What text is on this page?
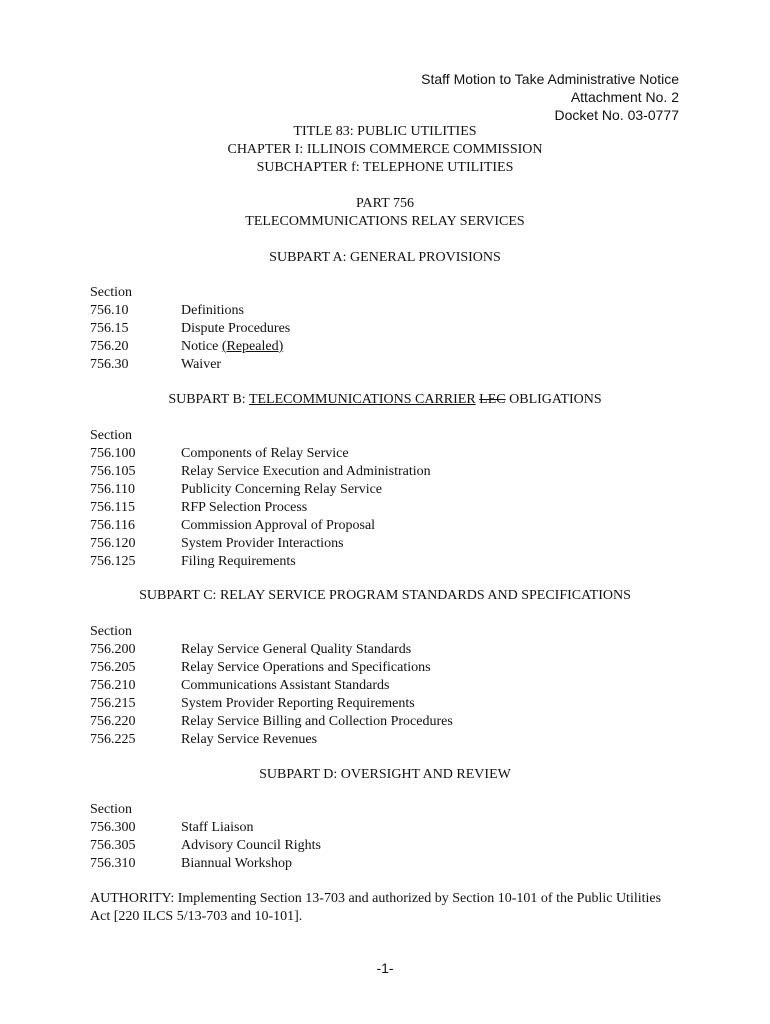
Staff Motion to Take Administrative Notice
Attachment No. 2
Docket No. 03-0777
TITLE 83: PUBLIC UTILITIES
CHAPTER I: ILLINOIS COMMERCE COMMISSION
SUBCHAPTER f: TELEPHONE UTILITIES
PART 756
TELECOMMUNICATIONS RELAY SERVICES
SUBPART A: GENERAL PROVISIONS
Section
756.10	Definitions
756.15	Dispute Procedures
756.20	Notice (Repealed)
756.30	Waiver
SUBPART B: TELECOMMUNICATIONS CARRIER LEC OBLIGATIONS
Section
756.100	Components of Relay Service
756.105	Relay Service Execution and Administration
756.110	Publicity Concerning Relay Service
756.115	RFP Selection Process
756.116	Commission Approval of Proposal
756.120	System Provider Interactions
756.125	Filing Requirements
SUBPART C: RELAY SERVICE PROGRAM STANDARDS AND SPECIFICATIONS
Section
756.200	Relay Service General Quality Standards
756.205	Relay Service Operations and Specifications
756.210	Communications Assistant Standards
756.215	System Provider Reporting Requirements
756.220	Relay Service Billing and Collection Procedures
756.225	Relay Service Revenues
SUBPART D: OVERSIGHT AND REVIEW
Section
756.300	Staff Liaison
756.305	Advisory Council Rights
756.310	Biannual Workshop
AUTHORITY: Implementing Section 13-703 and authorized by Section 10-101 of the Public Utilities Act [220 ILCS 5/13-703 and 10-101].
-1-
